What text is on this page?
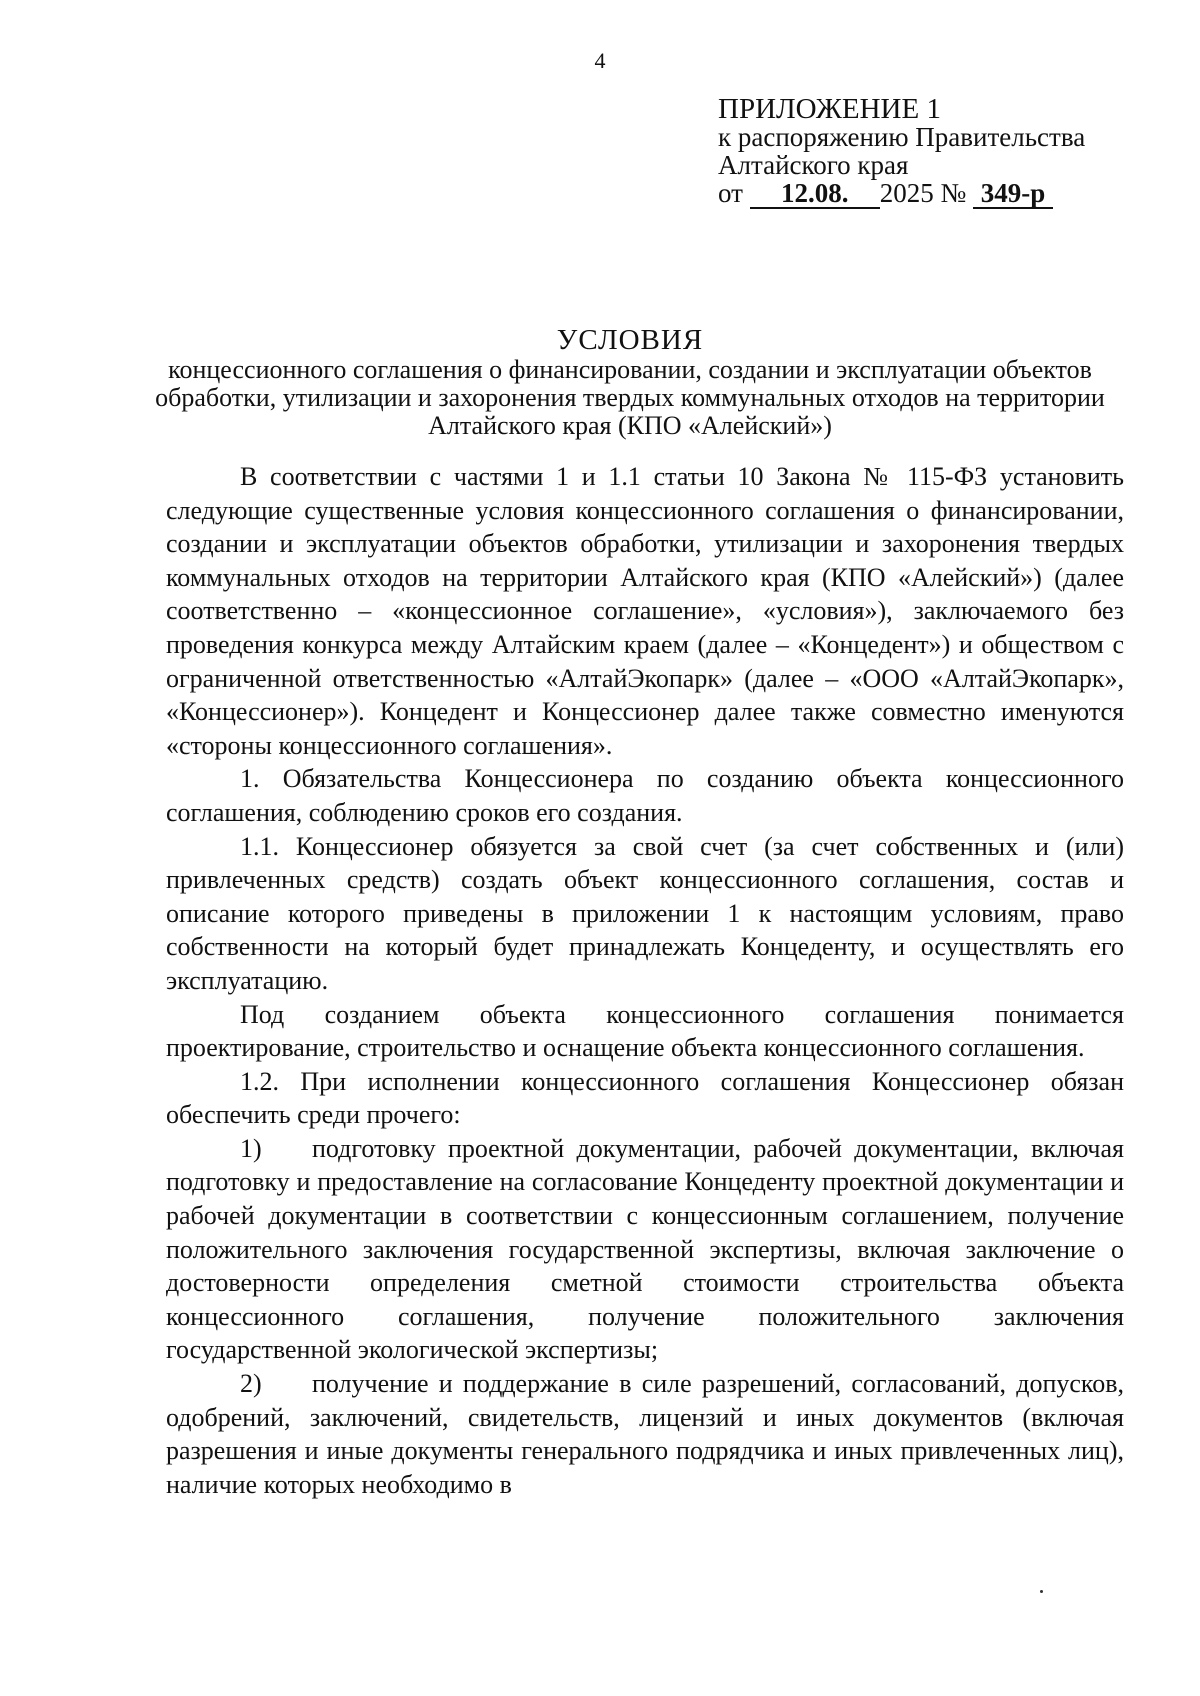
4
ПРИЛОЖЕНИЕ 1
к распоряжению Правительства
Алтайского края
от 12.08. 2025 № 349-р
УСЛОВИЯ
концессионного соглашения о финансировании, создании и эксплуатации объектов обработки, утилизации и захоронения твердых коммунальных отходов на территории Алтайского края (КПО «Алейский»)

В соответствии с частями 1 и 1.1 статьи 10 Закона № 115-ФЗ установить следующие существенные условия концессионного соглашения о финансировании, создании и эксплуатации объектов обработки, утилизации и захоронения твердых коммунальных отходов на территории Алтайского края (КПО «Алейский») (далее соответственно – «концессионное соглашение», «условия»), заключаемого без проведения конкурса между Алтайским краем (далее – «Концедент») и обществом с ограниченной ответственностью «АлтайЭкопарк» (далее – «ООО «АлтайЭкопарк», «Концессионер»). Концедент и Концессионер далее также совместно именуются «стороны концессионного соглашения».

1. Обязательства Концессионера по созданию объекта концессионного соглашения, соблюдению сроков его создания.

1.1. Концессионер обязуется за свой счет (за счет собственных и (или) привлеченных средств) создать объект концессионного соглашения, состав и описание которого приведены в приложении 1 к настоящим условиям, право собственности на который будет принадлежать Концеденту, и осуществлять его эксплуатацию.

Под созданием объекта концессионного соглашения понимается проектирование, строительство и оснащение объекта концессионного соглашения.

1.2. При исполнении концессионного соглашения Концессионер обязан обеспечить среди прочего:

1) подготовку проектной документации, рабочей документации, включая подготовку и предоставление на согласование Концеденту проектной документации и рабочей документации в соответствии с концессионным соглашением, получение положительного заключения государственной экспертизы, включая заключение о достоверности определения сметной стоимости строительства объекта концессионного соглашения, получение положительного заключения государственной экологической экспертизы;

2) получение и поддержание в силе разрешений, согласований, допусков, одобрений, заключений, свидетельств, лицензий и иных документов (включая разрешения и иные документы генерального подрядчика и иных привлеченных лиц), наличие которых необходимо в
